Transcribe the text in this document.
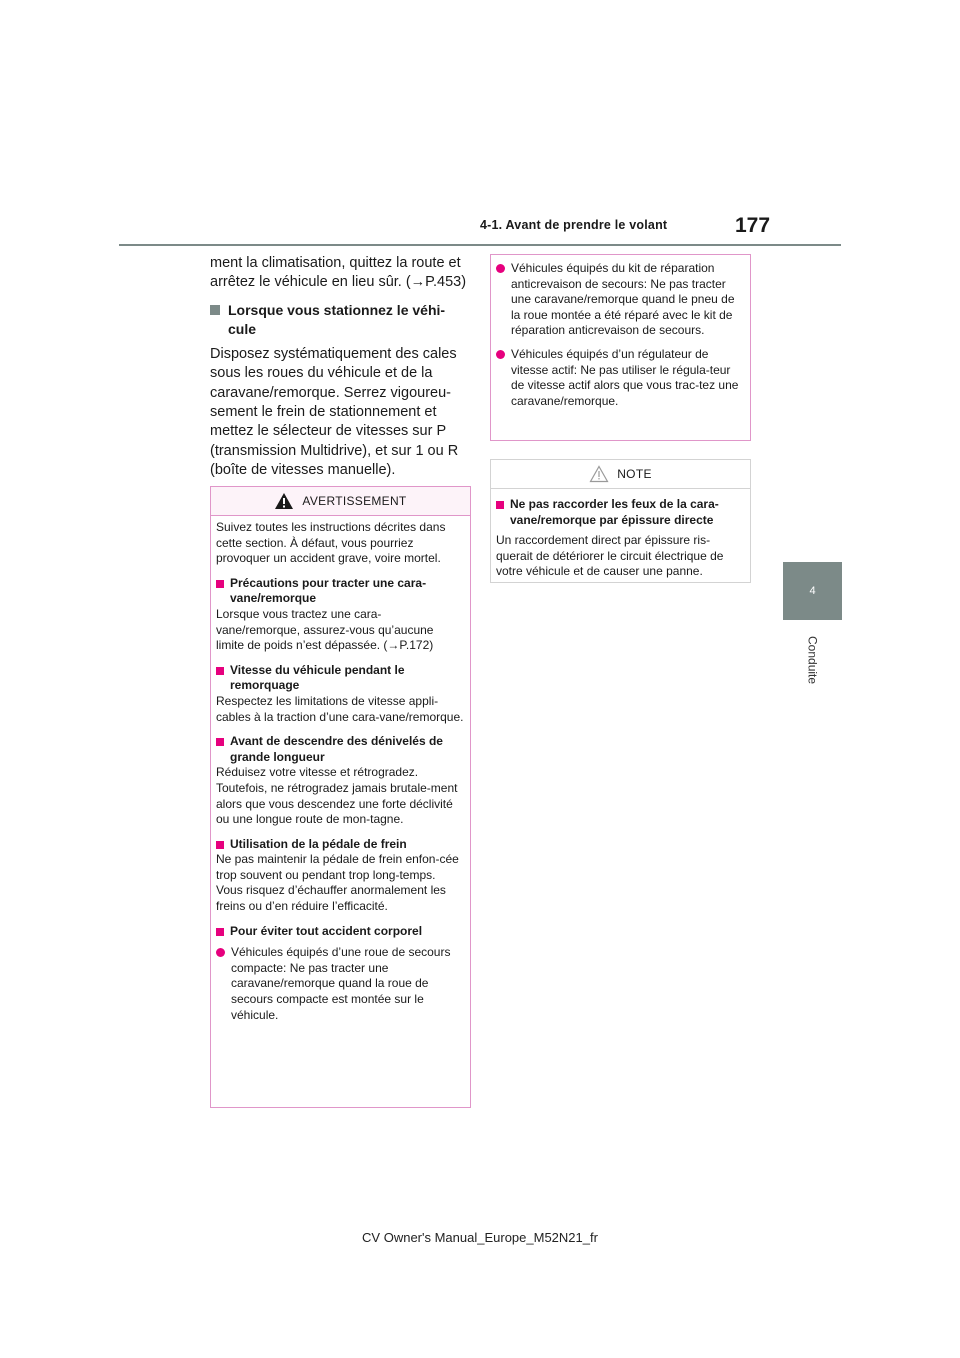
4-1. Avant de prendre le volant	177
4
Conduite

ment la climatisation, quittez la route et arrêtez le véhicule en lieu sûr. (→P.453)

Lorsque vous stationnez le véhi-cule

Disposez systématiquement des cales sous les roues du véhicule et de la caravane/remorque. Serrez vigoureu-sement le frein de stationnement et mettez le sélecteur de vitesses sur P (transmission Multidrive), et sur 1 ou R (boîte de vitesses manuelle).

AVERTISSEMENT

Suivez toutes les instructions décrites dans cette section. À défaut, vous pourriez provoquer un accident grave, voire mortel.

Précautions pour tracter une cara-vane/remorque

Lorsque vous tractez une cara-vane/remorque, assurez-vous qu’aucune limite de poids n’est dépassée. (→P.172)

Vitesse du véhicule pendant le remorquage

Respectez les limitations de vitesse appli-cables à la traction d’une cara-vane/remorque.

Avant de descendre des dénivelés de grande longueur

Réduisez votre vitesse et rétrogradez. Toutefois, ne rétrogradez jamais brutale-ment alors que vous descendez une forte déclivité ou une longue route de mon-tagne.

Utilisation de la pédale de frein

Ne pas maintenir la pédale de frein enfon-cée trop souvent ou pendant trop long-temps. Vous risquez d’échauffer anormalement les freins ou d’en réduire l’efficacité.

Pour éviter tout accident corporel
Véhicules équipés d’une roue de secours compacte: Ne pas tracter une caravane/remorque quand la roue de secours compacte est montée sur le véhicule.
Véhicules équipés du kit de réparation anticrevaison de secours: Ne pas tracter une caravane/remorque quand le pneu de la roue montée a été réparé avec le kit de réparation anticrevaison de secours.
Véhicules équipés d’un régulateur de vitesse actif: Ne pas utiliser le régula-teur de vitesse actif alors que vous trac-tez une caravane/remorque.
NOTE
Ne pas raccorder les feux de la cara-vane/remorque par épissure directe

Un raccordement direct par épissure ris-querait de détériorer le circuit électrique de votre véhicule et de causer une panne.

CV Owner's Manual_Europe_M52N21_fr
